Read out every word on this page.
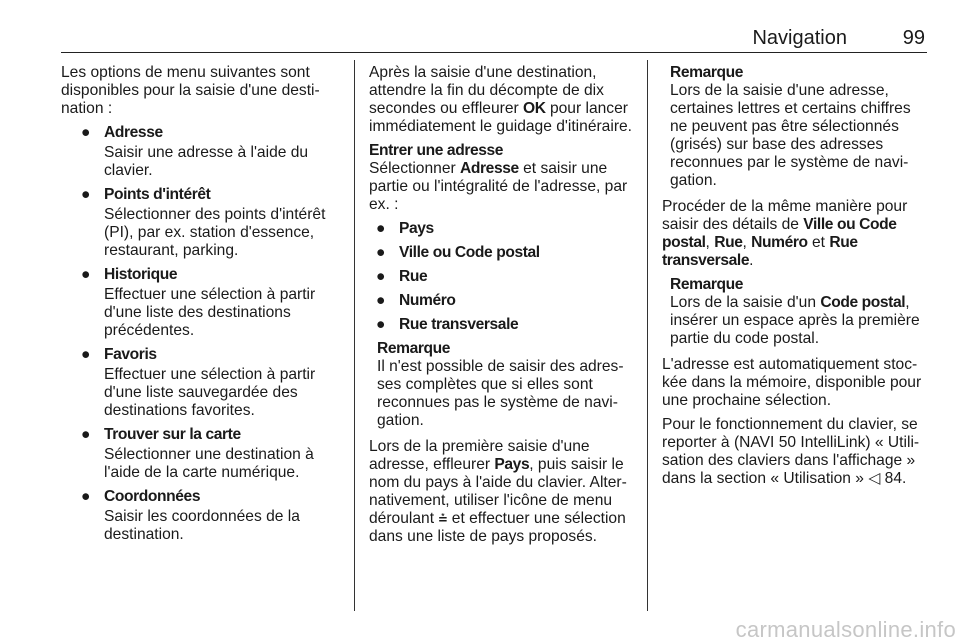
Navigation	99

Les options de menu suivantes sont disponibles pour la saisie d'une destination :

● Adresse
Saisir une adresse à l'aide du clavier.
● Points d'intérêt
Sélectionner des points d'intérêt (PI), par ex. station d'essence, restaurant, parking.
● Historique
Effectuer une sélection à partir d'une liste des destinations précédentes.
● Favoris
Effectuer une sélection à partir d'une liste sauvegardée des destinations favorites.
● Trouver sur la carte
Sélectionner une destination à l'aide de la carte numérique.
● Coordonnées
Saisir les coordonnées de la destination.

Après la saisie d'une destination, attendre la fin du décompte de dix secondes ou effleurer OK pour lancer immédiatement le guidage d'itinéraire.

Entrer une adresse

Sélectionner Adresse et saisir une partie ou l'intégralité de l'adresse, par ex. :

● Pays
● Ville ou Code postal
● Rue
● Numéro
● Rue transversale
Remarque
Il n'est possible de saisir des adresses complètes que si elles sont reconnues pas le système de navigation.

Lors de la première saisie d'une adresse, effleurer Pays, puis saisir le nom du pays à l'aide du clavier. Alternativement, utiliser l'icône de menu déroulant ⩮ et effectuer une sélection dans une liste de pays proposés.

Remarque
Lors de la saisie d'une adresse, certaines lettres et certains chiffres ne peuvent pas être sélectionnés (grisés) sur base des adresses reconnues par le système de navigation.

Procéder de la même manière pour saisir des détails de Ville ou Code postal, Rue, Numéro et Rue transversale.

Remarque
Lors de la saisie d'un Code postal, insérer un espace après la première partie du code postal.

L'adresse est automatiquement stockée dans la mémoire, disponible pour une prochaine sélection.

Pour le fonctionnement du clavier, se reporter à (NAVI 50 IntelliLink) « Utilisation des claviers dans l'affichage » dans la section « Utilisation » ◁ 84.

carmanualsonline.info
